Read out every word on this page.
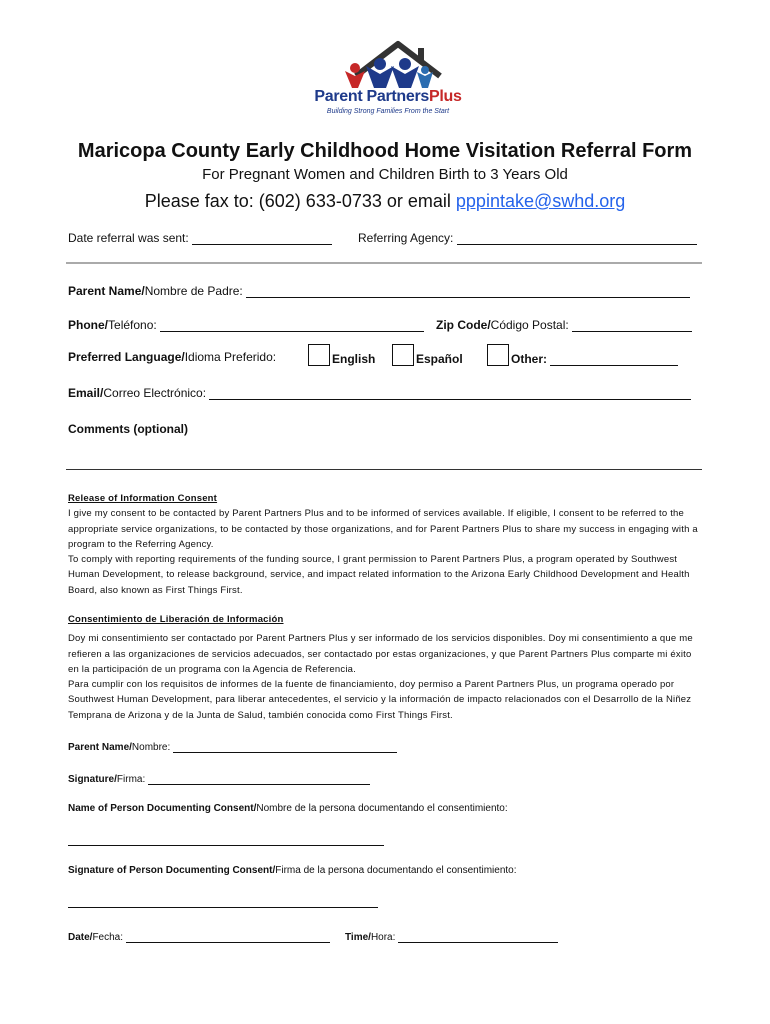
Parent PartnersPlus
Building Strong Families From the Start
Maricopa County Early Childhood Home Visitation Referral Form
For Pregnant Women and Children Birth to 3 Years Old
Please fax to: (602) 633-0733 or email pppintake@swhd.org
Date referral was sent:	Referring Agency:
Parent Name/Nombre de Padre:
Phone/Teléfono:	Zip Code/Código Postal:
Preferred Language/Idioma Preferido:	English	Español	Other:
Email/Correo Electrónico:
Comments (optional)
Release of Information Consent
I give my consent to be contacted by Parent Partners Plus and to be informed of services available. If eligible, I consent to be referred to the appropriate service organizations, to be contacted by those organizations, and for Parent Partners Plus to share my success in engaging with a program to the Referring Agency.
To comply with reporting requirements of the funding source, I grant permission to Parent Partners Plus, a program operated by Southwest Human Development, to release background, service, and impact related information to the Arizona Early Childhood Development and Health Board, also known as First Things First.
Consentimiento de Liberación de Información
Doy mi consentimiento ser contactado por Parent Partners Plus y ser informado de los servicios disponibles. Doy mi consentimiento a que me refieren a las organizaciones de servicios adecuados, ser contactado por estas organizaciones, y que Parent Partners Plus comparte mi éxito en la participación de un programa con la Agencia de Referencia.
Para cumplir con los requisitos de informes de la fuente de financiamiento, doy permiso a Parent Partners Plus, un programa operado por Southwest Human Development, para liberar antecedentes, el servicio y la información de impacto relacionados con el Desarrollo de la Niñez Temprana de Arizona y de la Junta de Salud, también conocida como First Things First.
Parent Name/Nombre:
Signature/Firma:
Name of Person Documenting Consent/Nombre de la persona documentando el consentimiento:
Signature of Person Documenting Consent/Firma de la persona documentando el consentimiento:
Date/Fecha:	Time/Hora:
